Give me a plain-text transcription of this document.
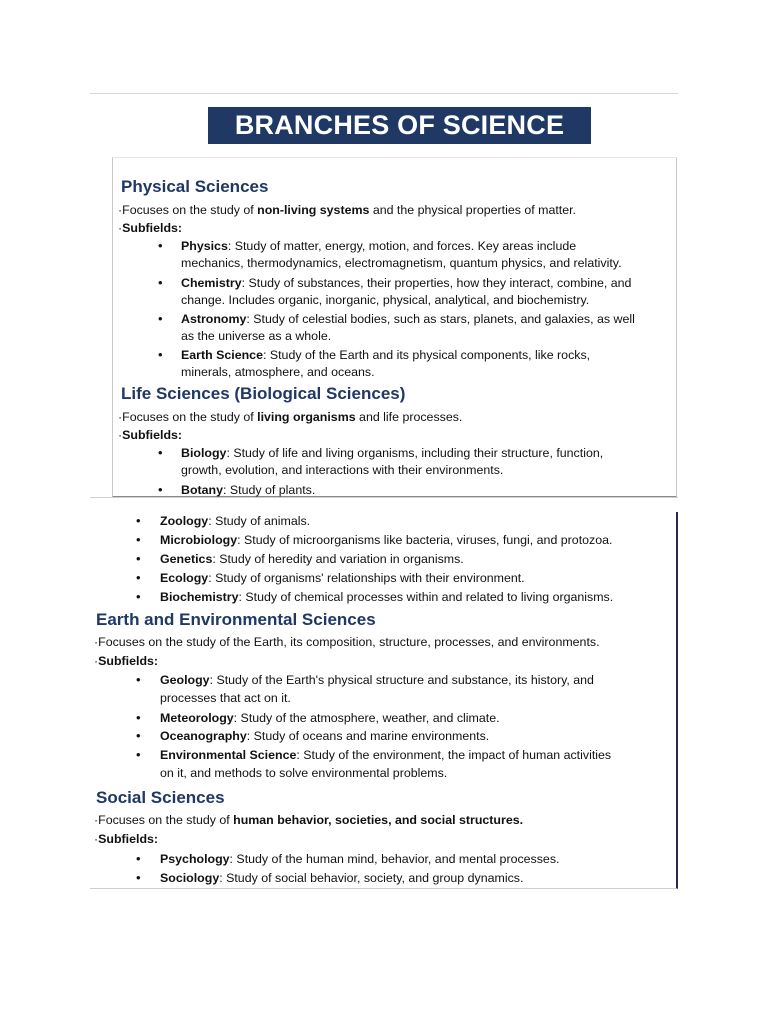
BRANCHES OF SCIENCE

Physical Sciences

·Focuses on the study of non-living systems and the physical properties of matter.

·Subfields:

• Physics: Study of matter, energy, motion, and forces. Key areas include

mechanics, thermodynamics, electromagnetism, quantum physics, and relativity.

• Chemistry: Study of substances, their properties, how they interact, combine, and

change. Includes organic, inorganic, physical, analytical, and biochemistry.

• Astronomy: Study of celestial bodies, such as stars, planets, and galaxies, as well

as the universe as a whole.

• Earth Science: Study of the Earth and its physical components, like rocks,

minerals, atmosphere, and oceans.

Life Sciences (Biological Sciences)

·Focuses on the study of living organisms and life processes.

·Subfields:

• Biology: Study of life and living organisms, including their structure, function,

growth, evolution, and interactions with their environments.

• Botany: Study of plants.

• Zoology: Study of animals.

• Microbiology: Study of microorganisms like bacteria, viruses, fungi, and protozoa.

• Genetics: Study of heredity and variation in organisms.

• Ecology: Study of organisms' relationships with their environment.

• Biochemistry: Study of chemical processes within and related to living organisms.

Earth and Environmental Sciences

·Focuses on the study of the Earth, its composition, structure, processes, and environments.

·Subfields:

• Geology: Study of the Earth's physical structure and substance, its history, and

processes that act on it.

• Meteorology: Study of the atmosphere, weather, and climate.

• Oceanography: Study of oceans and marine environments.

• Environmental Science: Study of the environment, the impact of human activities

on it, and methods to solve environmental problems.

Social Sciences

·Focuses on the study of human behavior, societies, and social structures.

·Subfields:

• Psychology: Study of the human mind, behavior, and mental processes.

• Sociology: Study of social behavior, society, and group dynamics.
